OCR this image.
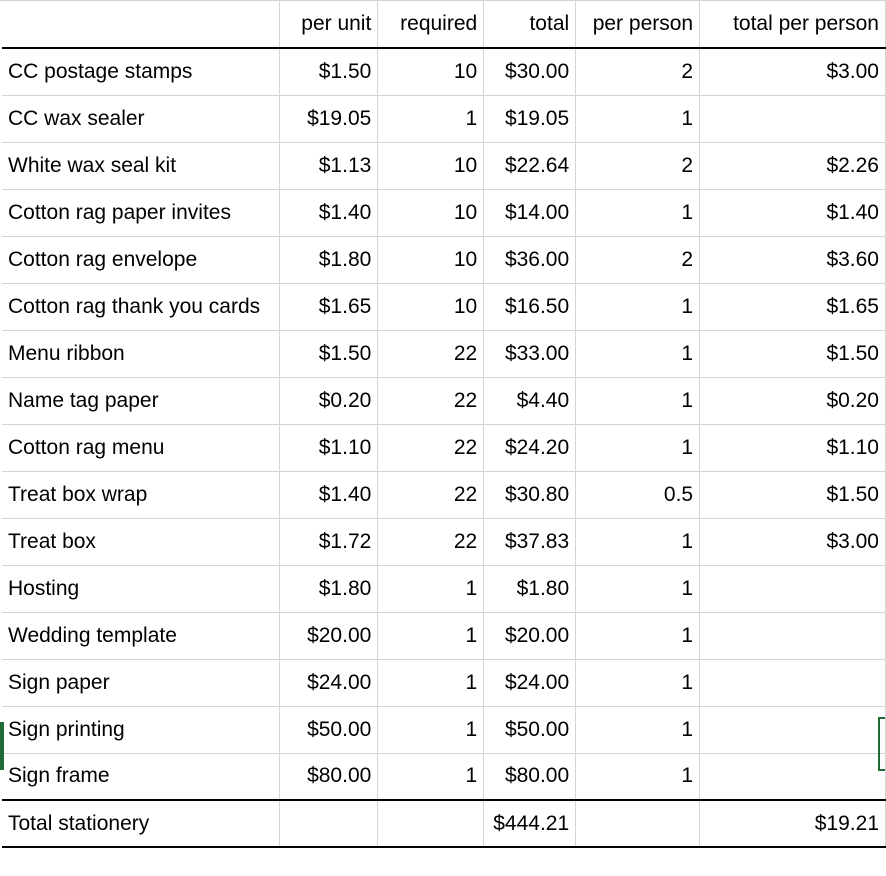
	per unit	required	total	per person	total per person
CC postage stamps	$1.50	10	$30.00	2	$3.00
CC wax sealer	$19.05	1	$19.05	1	
White wax seal kit	$1.13	10	$22.64	2	$2.26
Cotton rag paper invites	$1.40	10	$14.00	1	$1.40
Cotton rag envelope	$1.80	10	$36.00	2	$3.60
Cotton rag thank you cards	$1.65	10	$16.50	1	$1.65
Menu ribbon	$1.50	22	$33.00	1	$1.50
Name tag paper	$0.20	22	$4.40	1	$0.20
Cotton rag menu	$1.10	22	$24.20	1	$1.10
Treat box wrap	$1.40	22	$30.80	0.5	$1.50
Treat box	$1.72	22	$37.83	1	$3.00
Hosting	$1.80	1	$1.80	1	
Wedding template	$20.00	1	$20.00	1	
Sign paper	$24.00	1	$24.00	1	
Sign printing	$50.00	1	$50.00	1	
Sign frame	$80.00	1	$80.00	1	
Total stationery			$444.21		$19.21
